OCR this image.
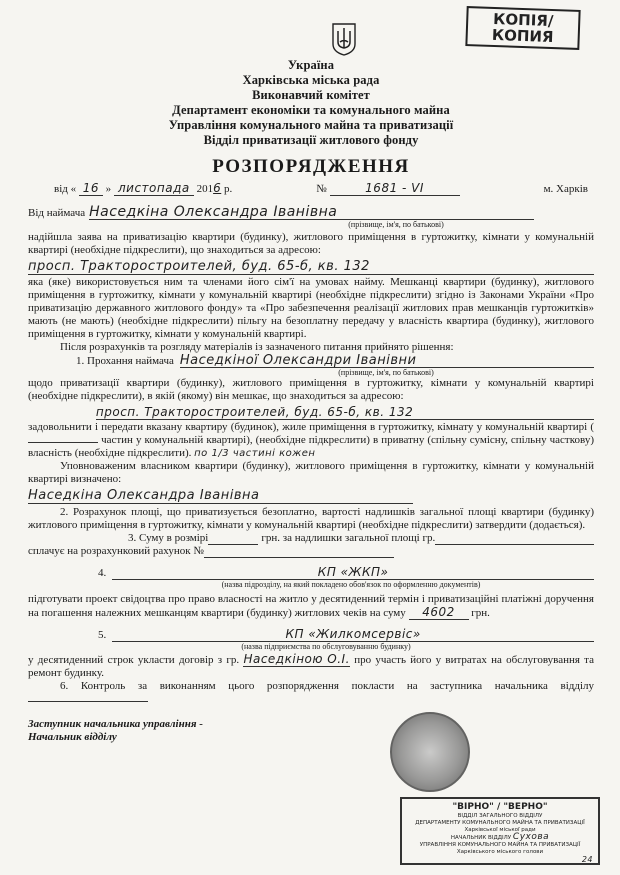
КОПІЯ/
КОПИЯ
Україна
Харківська міська рада
Виконавчий комітет
Департамент економіки та комунального майна
Управління комунального майна та приватизації
Відділ приватизації житлового фонду
РОЗПОРЯДЖЕННЯ
від « 16 » листопада 2016 р.	№	1681 - VI	м. Харків
Від наймача Наседкіна Олександра Іванівна
(прізвище, ім'я, по батькові)

надійшла заява на приватизацію квартири (будинку), житлового приміщення в гуртожитку, кімнати у комунальній квартирі (необхідне підкреслити), що знаходиться за адресою:

просп. Тракторостроителей, буд. 65-б, кв. 132

яка (яке) використовується ним та членами його сім'ї на умовах найму. Мешканці квартири (будинку), житлового приміщення в гуртожитку, кімнати у комунальній квартирі (необхідне підкреслити) згідно із Законами України «Про приватизацію державного житлового фонду» та «Про забезпечення реалізації житлових прав мешканців гуртожитків» мають (не мають) (необхідне підкреслити) пільгу на безоплатну передачу у власність квартира (будинку), житлового приміщення в гуртожитку, кімнати у комунальній квартирі.

Після розрахунків та розгляду матеріалів із зазначеного питання прийнято рішення:

1. Прохання наймача Наседкіної Олександри Іванівни
(прізвище, ім'я, по батькові)

щодо приватизації квартири (будинку), житлового приміщення в гуртожитку, кімнати у комунальній квартирі (необхідне підкреслити), в якій (якому) він мешкає, що знаходиться за адресою:

просп. Тракторостроителей, буд. 65-б, кв. 132

задовольнити і передати вказану квартиру (будинок), жиле приміщення в гуртожитку, кімнату у комунальній квартирі ( частин у комунальній квартирі), (необхідне підкреслити) в приватну (спільну сумісну, спільну часткову) власність (необхідне підкреслити). по 1/3 частині кожен

Уповноваженим власником квартири (будинку), житлового приміщення в гуртожитку, кімнати у комунальній квартирі визначено:

Наседкіна Олександра Іванівна

2. Розрахунок площі, що приватизується безоплатно, вартості надлишків загальної площі квартири (будинку) житлового приміщення в гуртожитку, кімнати у комунальній квартирі (необхідне підкреслити) затвердити (додається).

3. Суму в розмірі	грн. за надлишки загальної площі гр.
сплачує на розрахунковий рахунок №
4.	КП «ЖКП»
(назва підрозділу, на який покладено обов'язок по оформленню документів)

підготувати проект свідоцтва про право власності на житло у десятиденний термін і приватизаційні платіжні доручення на погашення належних мешканцям квартири (будинку) житлових чеків на суму 4602 грн.

5.	КП «Жилкомсервіс»
(назва підприємства по обслуговуванню будинку)

у десятиденний строк укласти договір з гр. Наседкіною О.І. про участь його у витратах на обслуговування та ремонт будинку.

6. Контроль за виконанням цього розпорядження покласти на заступника начальника відділу

Заступник начальника управління -
Начальник відділу
"ВІРНО" / "ВЕРНО"
ВІДДІЛ ЗАГАЛЬНОГО ВІДДІЛУ
ДЕПАРТАМЕНТУ КОМУНАЛЬНОГО МАЙНА ТА ПРИВАТИЗАЦІЇ
Харківської міської ради
НАЧАЛЬНИК ВІДДІЛУ Сухова
УПРАВЛІННЯ КОМУНАЛЬНОГО МАЙНА ТА ПРИВАТИЗАЦІЇ
Харківського міського голови
24
